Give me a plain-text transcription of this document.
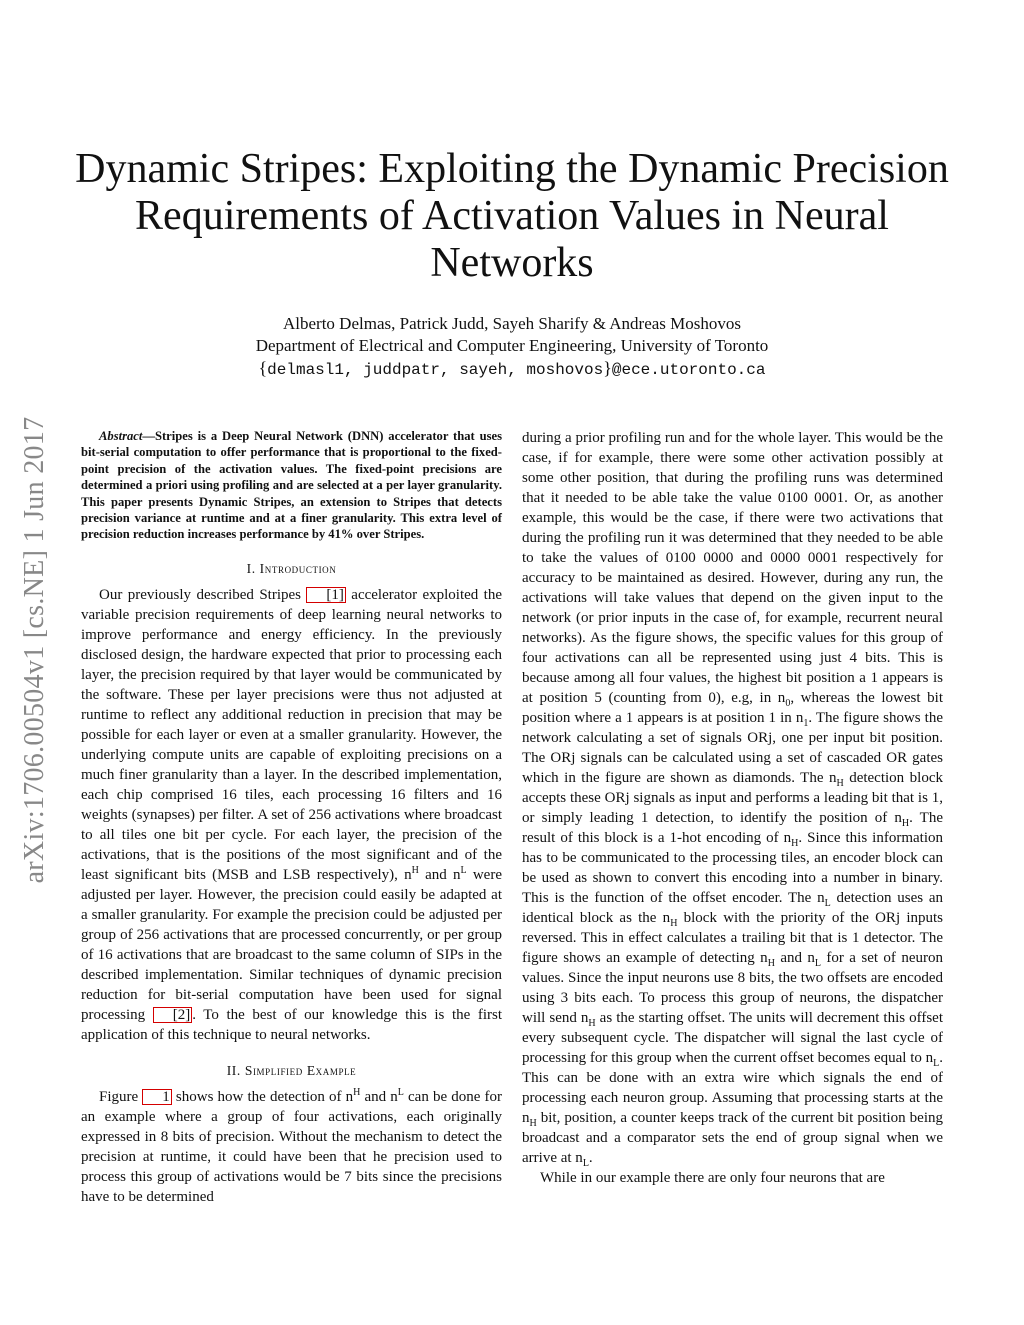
arXiv:1706.00504v1 [cs.NE] 1 Jun 2017
Dynamic Stripes: Exploiting the Dynamic Precision
Requirements of Activation Values in Neural
Networks
Alberto Delmas, Patrick Judd, Sayeh Sharify & Andreas Moshovos
Department of Electrical and Computer Engineering, University of Toronto
{delmasl1, juddpatr, sayeh, moshovos}@ece.utoronto.ca

Abstract—Stripes is a Deep Neural Network (DNN) accelerator that uses bit-serial computation to offer performance that is proportional to the fixed-point precision of the activation values. The fixed-point precisions are determined a priori using profiling and are selected at a per layer granularity. This paper presents Dynamic Stripes, an extension to Stripes that detects precision variance at runtime and at a finer granularity. This extra level of precision reduction increases performance by 41% over Stripes.

I. Introduction

Our previously described Stripes [1] accelerator exploited the variable precision requirements of deep learning neural networks to improve performance and energy efficiency. In the previously disclosed design, the hardware expected that prior to processing each layer, the precision required by that layer would be communicated by the software. These per layer precisions were thus not adjusted at runtime to reflect any additional reduction in precision that may be possible for each layer or even at a smaller granularity. However, the underlying compute units are capable of exploiting precisions on a much finer granularity than a layer. In the described implementation, each chip comprised 16 tiles, each processing 16 filters and 16 weights (synapses) per filter. A set of 256 activations where broadcast to all tiles one bit per cycle. For each layer, the precision of the activations, that is the positions of the most significant and of the least significant bits (MSB and LSB respectively), $n^H$ and $n^L$ were adjusted per layer. However, the precision could easily be adapted at a smaller granularity. For example the precision could be adjusted per group of 256 activations that are processed concurrently, or per group of 16 activations that are broadcast to the same column of SIPs in the described implementation. Similar techniques of dynamic precision reduction for bit-serial computation have been used for signal processing [2] . To the best of our knowledge this is the first application of this technique to neural networks.

II. Simplified Example

Figure 1 shows how the detection of $n^H$ and $n^L$ can be done for an example where a group of four activations, each originally expressed in 8 bits of precision. Without the mechanism to detect the precision at runtime, it could have been that he precision used to process this group of activations would be 7 bits since the precisions have to be determined

during a prior profiling run and for the whole layer. This would be the case, if for example, there were some other activation possibly at some other position, that during the profiling runs was determined that it needed to be able take the value 0100 0001. Or, as another example, this would be the case, if there were two activations that during the profiling run it was determined that they needed to be able to take the values of 0100 0000 and 0000 0001 respectively for accuracy to be maintained as desired. However, during any run, the activations will take values that depend on the given input to the network (or prior inputs in the case of, for example, recurrent neural networks). As the figure shows, the specific values for this group of four activations can all be represented using just 4 bits. This is because among all four values, the highest bit position a 1 appears is at position 5 (counting from 0), e.g, in $n_0$, whereas the lowest bit position where a 1 appears is at position 1 in $n_1$. The figure shows the network calculating a set of signals ORj, one per input bit position. The ORj signals can be calculated using a set of cascaded OR gates which in the figure are shown as diamonds. The $n_H$ detection block accepts these ORj signals as input and performs a leading bit that is 1, or simply leading 1 detection, to identify the position of $n_H$. The result of this block is a 1-hot encoding of $n_H$. Since this information has to be communicated to the processing tiles, an encoder block can be used as shown to convert this encoding into a number in binary. This is the function of the offset encoder. The $n_L$ detection uses an identical block as the $n_H$ block with the priority of the ORj inputs reversed. This in effect calculates a trailing bit that is 1 detector. The figure shows an example of detecting $n_H$ and $n_L$ for a set of neuron values. Since the input neurons use 8 bits, the two offsets are encoded using 3 bits each. To process this group of neurons, the dispatcher will send $n_H$ as the starting offset. The units will decrement this offset every subsequent cycle. The dispatcher will signal the last cycle of processing for this group when the current offset becomes equal to $n_L$. This can be done with an extra wire which signals the end of processing each neuron group. Assuming that processing starts at the $n_H$ bit, position, a counter keeps track of the current bit position being broadcast and a comparator sets the end of group signal when we arrive at $n_L$.

While in our example there are only four neurons that are
